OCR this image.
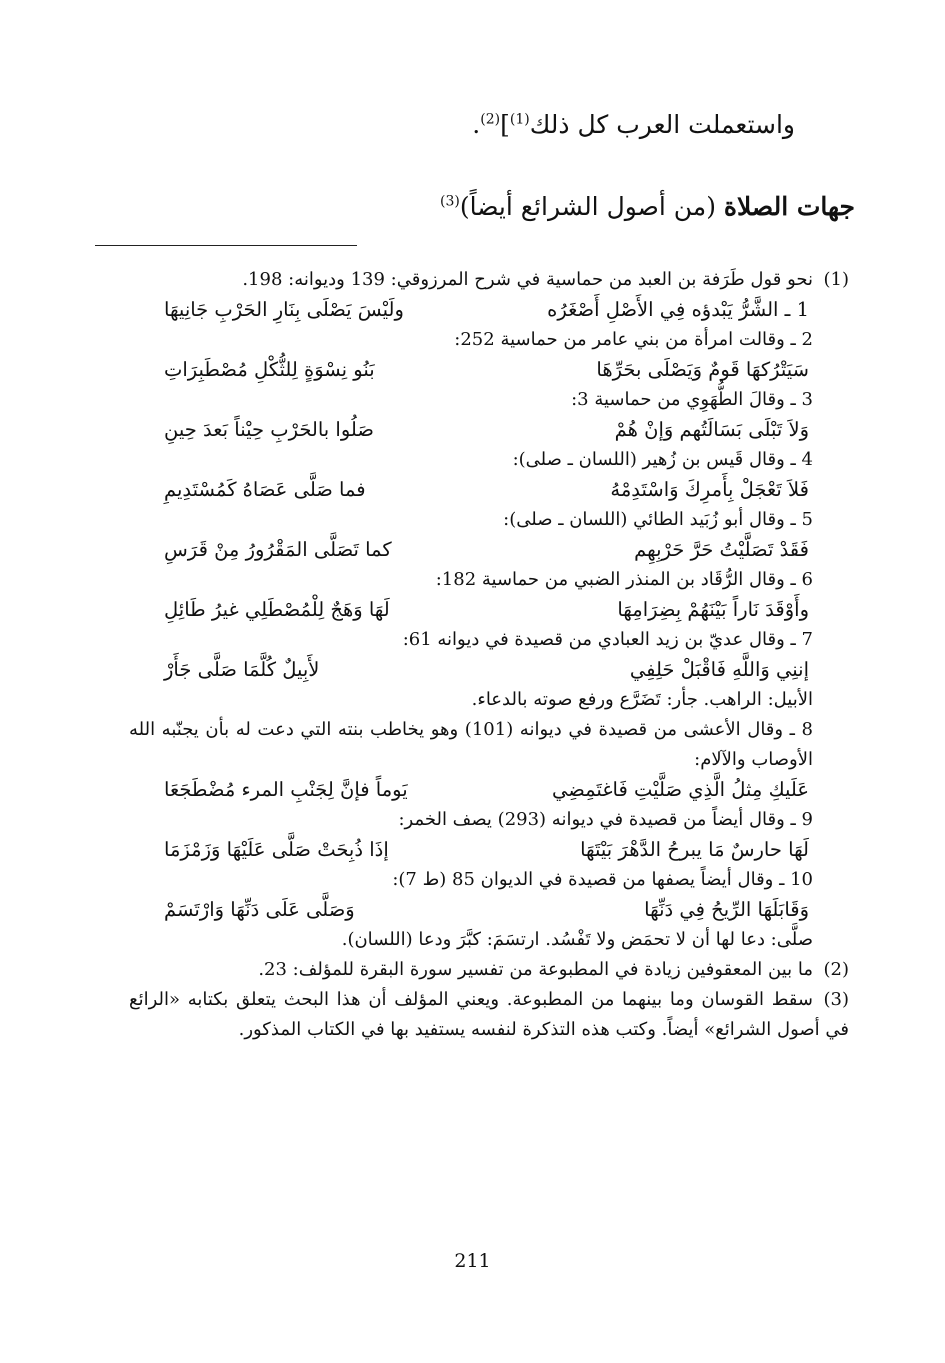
واستعملت العرب كل ذلك$^{(1)}$]$^{(2)}$.
جهات الصلاة (من أصول الشرائع أيضاً)$^{(3)}$
(1)نحو قول طَرَفة بن العبد من حماسية في شرح المرزوقي: 139 وديوانه: 198.
1 ـ الشَّرُّ يَبْدؤه فِي الأَصْلِ أَصْغَرُه
ولَيْسَ يَصْلَى بِنَارِ الحَرْبِ جَانِيهَا
2 ـ وقالت امرأة من بني عامر من حماسية 252:
سَيَتْرُكهَا قَومٌ وَيَصْلَى بحَرِّهَا
بَنُو نِسْوَةٍ لِلثُّكْلِ مُصْطَبِرَاتِ
3 ـ وقالَ الطُّهَوِي من حماسية 3:
وَلاَ تَبْلَى بَسَالَتُهم وَإنْ هُمْ
صَلُوا بالحَرْبِ حِيْناً بَعدَ حِينِ
4 ـ وقال قَيس بن زُهير (اللسان ـ صلى):
فَلاَ تَعْجَلْ بِأَمرِكَ وَاسْتَدِمْهُ
فما صَلَّى عَصَاهُ كَمُسْتَدِيمِ
5 ـ وقال أبو زُبَيد الطائي (اللسان ـ صلى):
فَقَدْ تَصَلَّيْتُ حَرَّ حَرْبِهِم
كما تَصَلَّى المَقْرُورُ مِنْ قَرَسِ
6 ـ وقال الرُّقَاد بن المنذر الضبي من حماسية 182:
وأَوْقَدَ نَاراً بَيْنَهُمْ بِضِرَامِهَا
لَهَا وَهَجٌ لِلْمُصْطَلِي غيرُ طَائِلِ
7 ـ وقال عديّ بن زيد العبادي من قصيدة في ديوانه 61:
إننِي وَاللَّهِ فَاقْبَلْ حَلِفِي
لأَبِيلٌ كُلَّمَا صَلَّى جَأَرْ
الأبيل: الراهب. جأر: تَضَرَّع ورفع صوته بالدعاء.
8 ـ وقال الأعشى من قصيدة في ديوانه (101) وهو يخاطب بنته التي دعت له بأن يجنّبه الله الأوصاب والآلام:
عَلَيكِ مِثلُ الَّذِي صَلَّيْتِ فَاغتَمِضِي
يَوماً فإنَّ لِجَنْبِ المرء مُضْطَجَعَا
9 ـ وقال أيضاً من قصيدة في ديوانه (293) يصف الخمر:
لَهَا حارسٌ مَا يبرحُ الدَّهْرَ بَيْتَهَا
إذَا ذُبِحَتْ صَلَّى عَلَيْهَا وَزَمْزَمَا
10 ـ وقال أيضاً يصفها من قصيدة في الديوان 85 (ط 7):
وَقَابَلَهَا الرِّيحُ فِي دَنِّهَا
وَصَلَّى عَلَى دَنِّهَا وَارْتَسَمْ
صلَّى: دعا لها أن لا تحمَض ولا تَفْسُد. ارتسَمَ: كبَّرَ ودعا (اللسان).
(2)ما بين المعقوفين زيادة في المطبوعة من تفسير سورة البقرة للمؤلف: 23.
(3)سقط القوسان وما بينهما من المطبوعة. ويعني المؤلف أن هذا البحث يتعلق بكتابه «الرائع في أصول الشرائع» أيضاً. وكتب هذه التذكرة لنفسه يستفيد بها في الكتاب المذكور.
211
